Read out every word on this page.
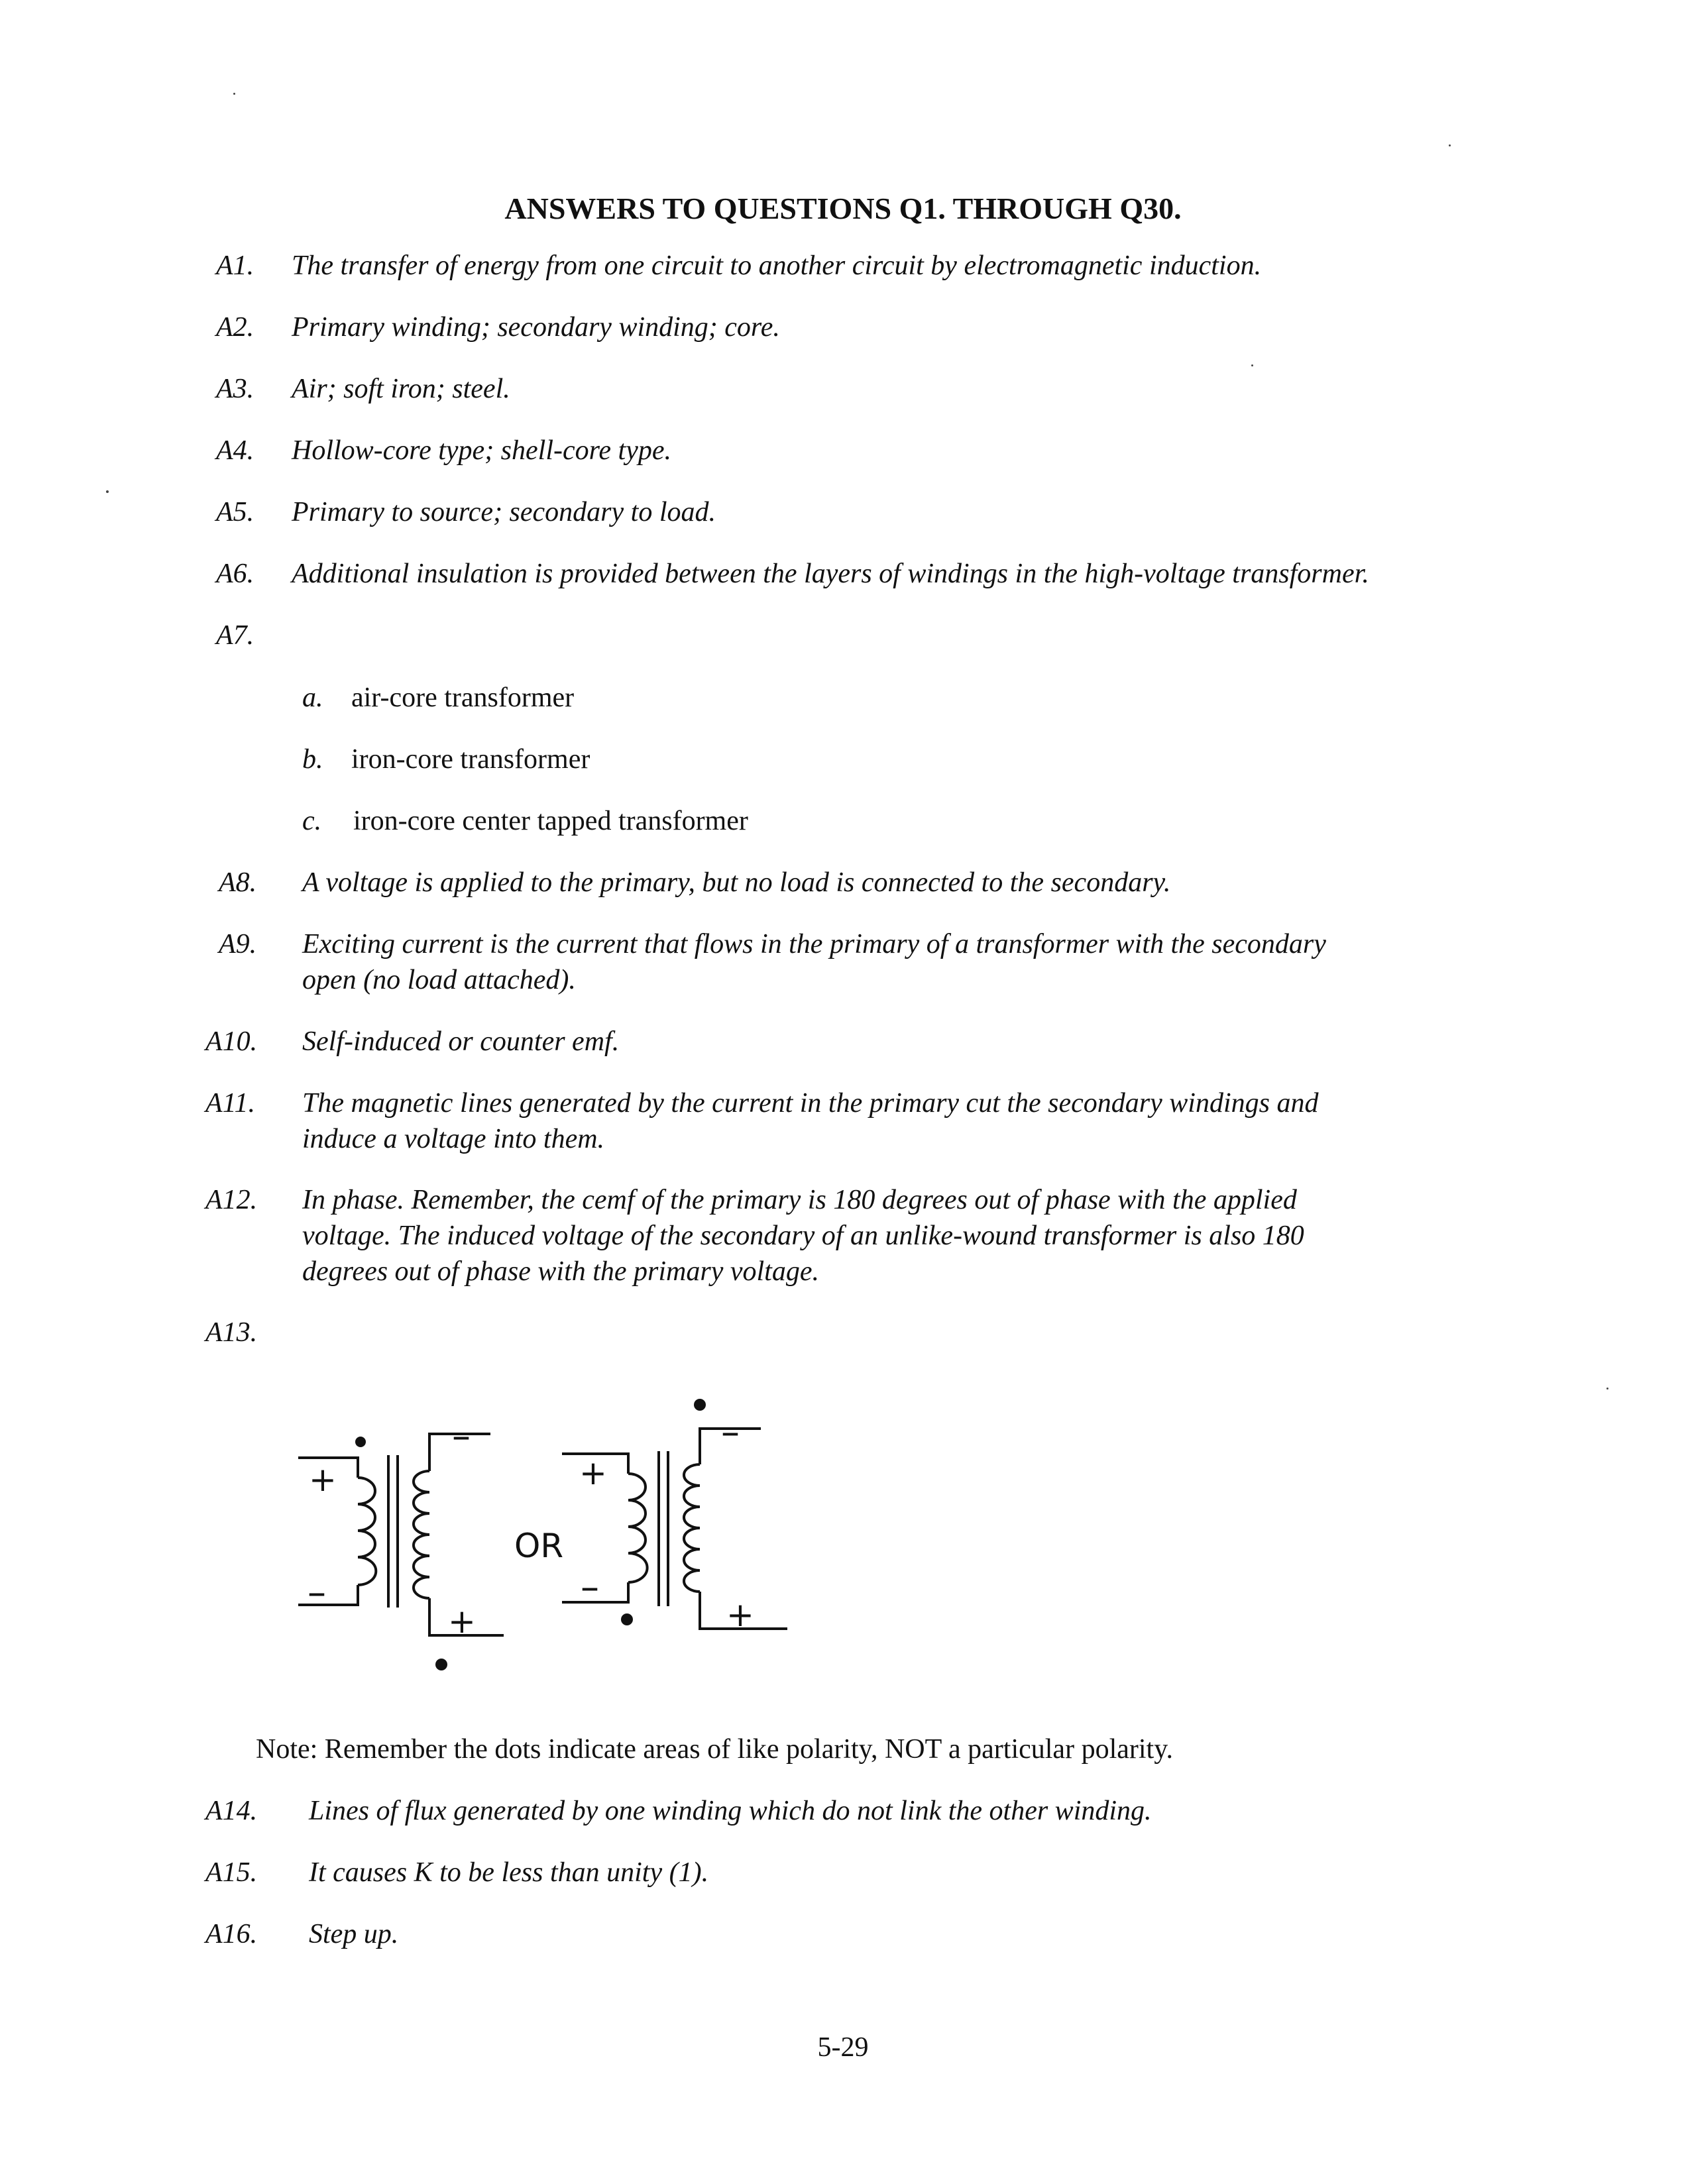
ANSWERS TO QUESTIONS Q1. THROUGH Q30.
A1. The transfer of energy from one circuit to another circuit by electromagnetic induction.
A2. Primary winding; secondary winding; core.
A3. Air; soft iron; steel.
A4. Hollow-core type; shell-core type.
A5. Primary to source; secondary to load.
A6. Additional insulation is provided between the layers of windings in the high-voltage transformer.
A7.
a. air-core transformer
b. iron-core transformer
c. iron-core center tapped transformer
A8. A voltage is applied to the primary, but no load is connected to the secondary.
A9. Exciting current is the current that flows in the primary of a transformer with the secondary
open (no load attached).
A10. Self-induced or counter emf.
A11. The magnetic lines generated by the current in the primary cut the secondary windings and
induce a voltage into them.
A12. In phase. Remember, the cemf of the primary is 180 degrees out of phase with the applied
voltage. The induced voltage of the secondary of an unlike-wound transformer is also 180
degrees out of phase with the primary voltage.
A13.
+
–
–
+
OR
+
–
–
+
Note: Remember the dots indicate areas of like polarity, NOT a particular polarity.
A14. Lines of flux generated by one winding which do not link the other winding.
A15. It causes K to be less than unity (1).
A16. Step up.
5-29
